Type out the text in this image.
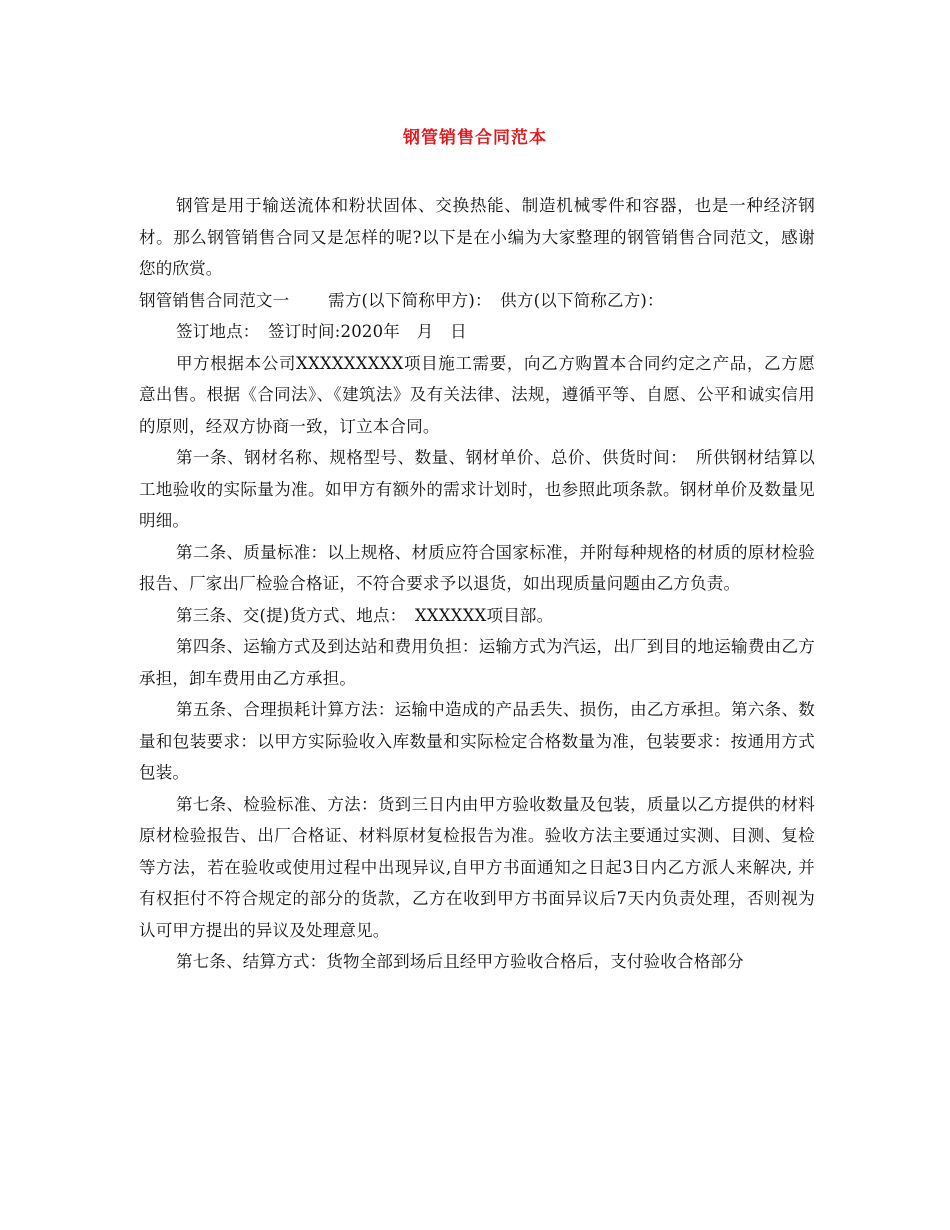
钢管销售合同范本

钢管是用于输送流体和粉状固体、交换热能、制造机械零件和容器，也是一种经济钢材。那么钢管销售合同又是怎样的呢?以下是在小编为大家整理的钢管销售合同范文，感谢您的欣赏。

钢管销售合同范文一　　 需方(以下简称甲方)：　供方(以下简称乙方)：

签订地点：　签订时间:2020年　月　日

甲方根据本公司XXXXXXXXX项目施工需要，向乙方购置本合同约定之产品，乙方愿意出售。根据《合同法》、《建筑法》及有关法律、法规，遵循平等、自愿、公平和诚实信用的原则，经双方协商一致，订立本合同。

第一条、钢材名称、规格型号、数量、钢材单价、总价、供货时间：　所供钢材结算以工地验收的实际量为准。如甲方有额外的需求计划时，也参照此项条款。钢材单价及数量见明细。

第二条、质量标准：以上规格、材质应符合国家标准，并附每种规格的材质的原材检验报告、厂家出厂检验合格证，不符合要求予以退货，如出现质量问题由乙方负责。

第三条、交(提)货方式、地点：　XXXXXX项目部。

第四条、运输方式及到达站和费用负担：运输方式为汽运，出厂到目的地运输费由乙方承担，卸车费用由乙方承担。

第五条、合理损耗计算方法：运输中造成的产品丢失、损伤，由乙方承担。第六条、数量和包装要求：以甲方实际验收入库数量和实际检定合格数量为准，包装要求：按通用方式包装。

第七条、检验标准、方法：货到三日内由甲方验收数量及包装，质量以乙方提供的材料原材检验报告、出厂合格证、材料原材复检报告为准。验收方法主要通过实测、目测、复检等方法，若在验收或使用过程中出现异议,自甲方书面通知之日起3日内乙方派人来解决, 并有权拒付不符合规定的部分的货款，乙方在收到甲方书面异议后7天内负责处理，否则视为认可甲方提出的异议及处理意见。

第七条、结算方式：货物全部到场后且经甲方验收合格后，支付验收合格部分
